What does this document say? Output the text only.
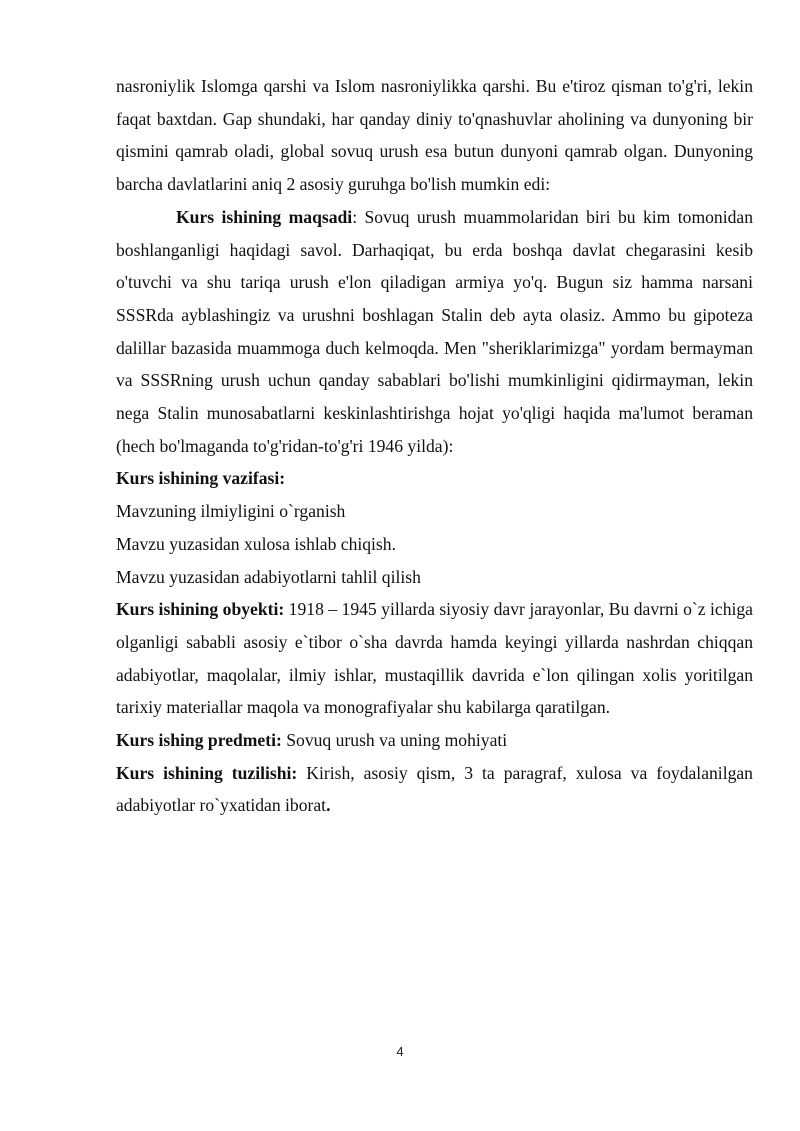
nasroniylik Islomga qarshi va Islom nasroniylikka qarshi. Bu e'tiroz qisman to'g'ri, lekin faqat baxtdan. Gap shundaki, har qanday diniy to'qnashuvlar aholining va dunyoning bir qismini qamrab oladi, global sovuq urush esa butun dunyoni qamrab olgan. Dunyoning barcha davlatlarini aniq 2 asosiy guruhga bo'lish mumkin edi:

Kurs ishining maqsadi: Sovuq urush muammolaridan biri bu kim tomonidan boshlanganligi haqidagi savol. Darhaqiqat, bu erda boshqa davlat chegarasini kesib o'tuvchi va shu tariqa urush e'lon qiladigan armiya yo'q. Bugun siz hamma narsani SSSRda ayblashingiz va urushni boshlagan Stalin deb ayta olasiz. Ammo bu gipoteza dalillar bazasida muammoga duch kelmoqda. Men "sheriklarimizga" yordam bermayman va SSSRning urush uchun qanday sabablari bo'lishi mumkinligini qidirmayman, lekin nega Stalin munosabatlarni keskinlashtirishga hojat yo'qligi haqida ma'lumot beraman (hech bo'lmaganda to'g'ridan-to'g'ri 1946 yilda):

Kurs ishining vazifasi:

Mavzuning ilmiyligini o`rganish

Mavzu yuzasidan xulosa ishlab chiqish.

Mavzu yuzasidan adabiyotlarni tahlil qilish

Kurs ishining obyekti: 1918 – 1945 yillarda siyosiy davr jarayonlar, Bu davrni o`z ichiga olganligi sababli asosiy e`tibor o`sha davrda hamda keyingi yillarda nashrdan chiqqan adabiyotlar, maqolalar, ilmiy ishlar, mustaqillik davrida e`lon qilingan xolis yoritilgan tarixiy materiallar maqola va monografiyalar shu kabilarga qaratilgan.

Kurs ishing predmeti: Sovuq urush va uning mohiyati

Kurs ishining tuzilishi: Kirish, asosiy qism, 3 ta paragraf, xulosa va foydalanilgan adabiyotlar ro`yxatidan iborat.

4
